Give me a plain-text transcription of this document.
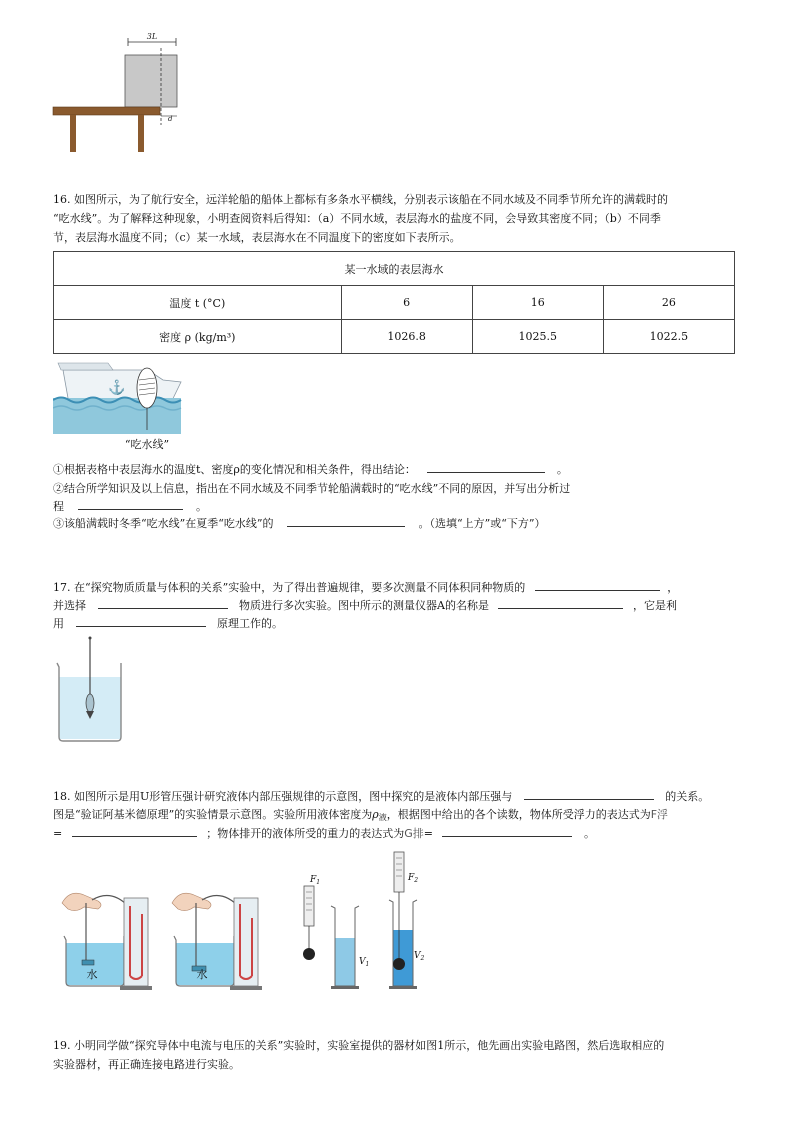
3L
d
16. 如图所示，为了航行安全，远洋轮船的船体上都标有多条水平横线，分别表示该船在不同水域及不同季节所允许的满载时的
“吃水线”。为了解释这种现象，小明查阅资料后得知：（a）不同水域，表层海水的盐度不同，会导致其密度不同；（b）不同季
节，表层海水温度不同；（c）某一水域，表层海水在不同温度下的密度如下表所示。
某一水域的表层海水			
温度 t (°C)	6	16	26
密度 ρ (kg/m³)	1026.8	1025.5	1022.5
⚓
“吃水线”
①根据表格中表层海水的温度t、密度ρ的变化情况和相关条件，得出结论：	。
②结合所学知识及以上信息，指出在不同水域及不同季节轮船满载时的“吃水线”不同的原因，并写出分析过
程	。
③该船满载时冬季“吃水线”在夏季“吃水线”的	。（选填“上方”或“下方”）
17. 在“探究物质质量与体积的关系”实验中，为了得出普遍规律，要多次测量不同体积同种物质的	，
并选择	物质进行多次实验。图中所示的测量仪器A的名称是	，它是利
用	原理工作的。
18. 如图所示是用U形管压强计研究液体内部压强规律的示意图，图中探究的是液体内部压强与	的关系。
图是“验证阿基米德原理”的实验情景示意图。实验所用液体密度为$\rho_液$，根据图中给出的各个读数，物体所受浮力的表达式为F浮
=	；物体排开的液体所受的重力的表达式为G排=	。
水	水
$F_1$
$V_1$
$F_2$
$V_2$
19. 小明同学做“探究导体中电流与电压的关系”实验时，实验室提供的器材如图1所示，他先画出实验电路图，然后选取相应的
实验器材，再正确连接电路进行实验。
